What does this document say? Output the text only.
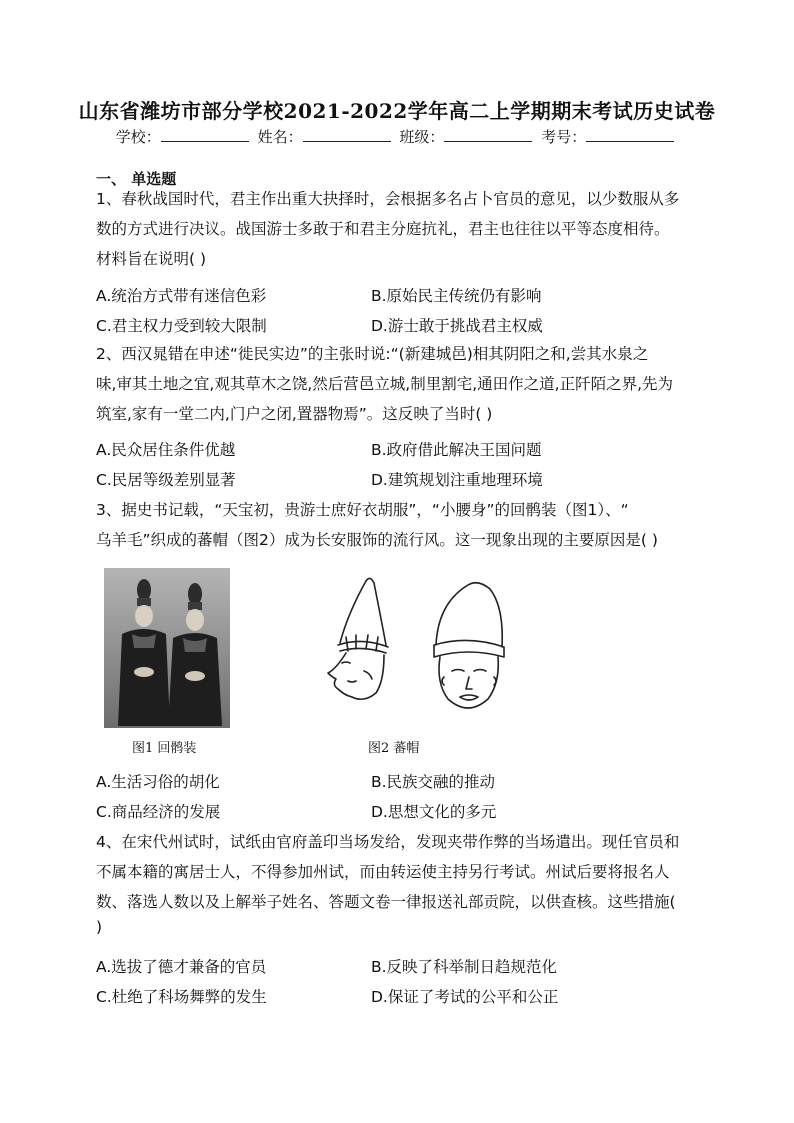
山东省潍坊市部分学校2021-2022学年高二上学期期末考试历史试卷
学校：	姓名：	班级：	考号：
一、 单选题
1、春秋战国时代，君主作出重大抉择时，会根据多名占卜官员的意见，以少数服从多
数的方式进行决议。战国游士多敢于和君主分庭抗礼，君主也往往以平等态度相待。
材料旨在说明( )
A.统治方式带有迷信色彩	B.原始民主传统仍有影响
C.君主权力受到较大限制	D.游士敢于挑战君主权威
2、西汉晁错在申述“徙民实边”的主张时说:“(新建城邑)相其阴阳之和,尝其水泉之
味,审其土地之宜,观其草木之饶,然后营邑立城,制里割宅,通田作之道,正阡陌之界,先为
筑室,家有一堂二内,门户之闭,置器物焉”。这反映了当时( )
A.民众居住条件优越	B.政府借此解决王国问题
C.民居等级差别显著	D.建筑规划注重地理环境
3、据史书记载，“天宝初，贵游士庶好衣胡服”，“小腰身”的回鹘装（图1）、“
乌羊毛”织成的蕃帽（图2）成为长安服饰的流行风。这一现象出现的主要原因是( )
图1 回鹘装	图2 蕃帽
A.生活习俗的胡化	B.民族交融的推动
C.商品经济的发展	D.思想文化的多元
4、在宋代州试时，试纸由官府盖印当场发给，发现夹带作弊的当场遣出。现任官员和
不属本籍的寓居士人，不得参加州试，而由转运使主持另行考试。州试后要将报名人
数、落选人数以及上解举子姓名、答题文卷一律报送礼部贡院，以供查核。这些措施(
)
A.选拔了德才兼备的官员	B.反映了科举制日趋规范化
C.杜绝了科场舞弊的发生	D.保证了考试的公平和公正
